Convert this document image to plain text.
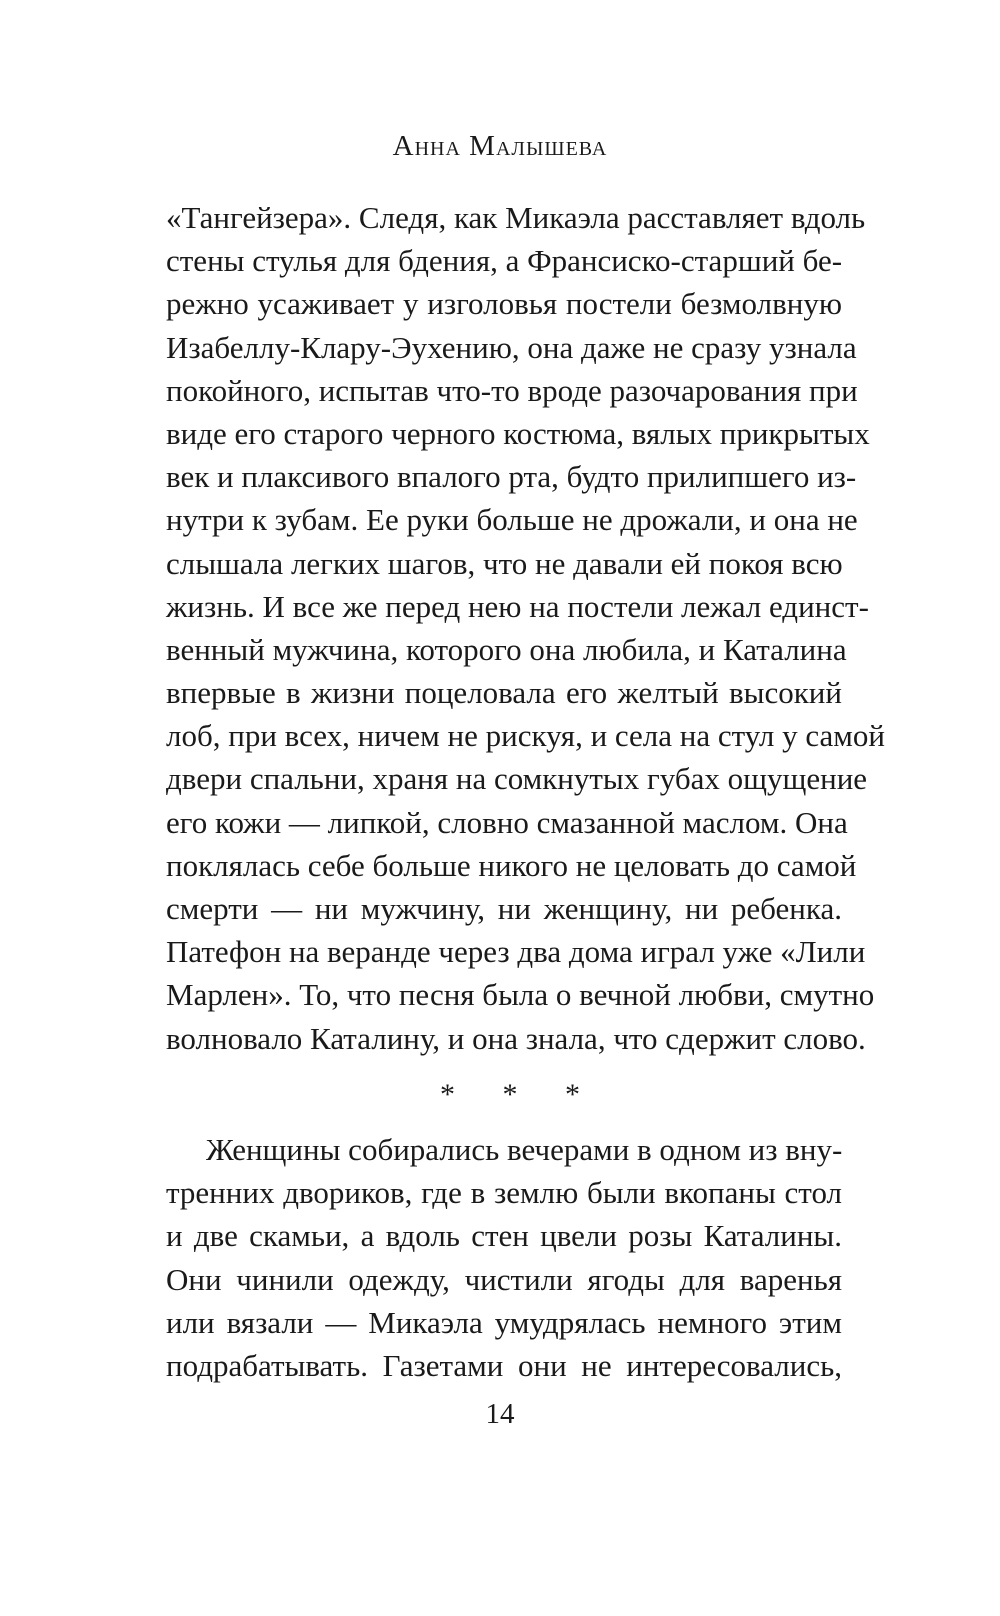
Анна Малышева
«Тангейзера». Следя, как Микаэла расставляет вдоль
стены стулья для бдения, а Франсиско-старший бе-
режно усаживает у изголовья постели безмолвную
Изабеллу-Клару-Эухению, она даже не сразу узнала
покойного, испытав что-то вроде разочарования при
виде его старого черного костюма, вялых прикрытых
век и плаксивого впалого рта, будто прилипшего из-
нутри к зубам. Ее руки больше не дрожали, и она не
слышала легких шагов, что не давали ей покоя всю
жизнь. И все же перед нею на постели лежал единст-
венный мужчина, которого она любила, и Каталина
впервые в жизни поцеловала его желтый высокий
лоб, при всех, ничем не рискуя, и села на стул у самой
двери спальни, храня на сомкнутых губах ощущение
его кожи — липкой, словно смазанной маслом. Она
поклялась себе больше никого не целовать до самой
смерти — ни мужчину, ни женщину, ни ребенка.
Патефон на веранде через два дома играл уже «Лили
Марлен». То, что песня была о вечной любви, смутно
волновало Каталину, и она знала, что сдержит слово.
* * *
Женщины собирались вечерами в одном из вну-
тренних двориков, где в землю были вкопаны стол
и две скамьи, а вдоль стен цвели розы Каталины.
Они чинили одежду, чистили ягоды для варенья
или вязали — Микаэла умудрялась немного этим
подрабатывать. Газетами они не интересовались,
14
